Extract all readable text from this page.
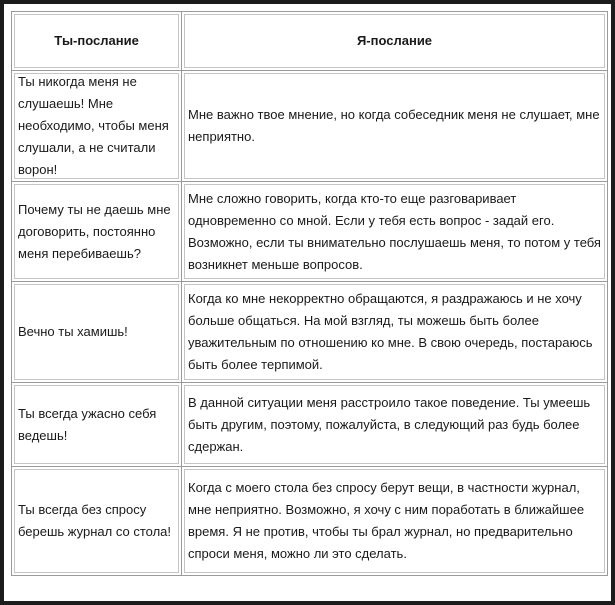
Ты-послание	Я-послание
Ты никогда меня не слушаешь! Мне необходимо, чтобы меня слушали, а не считали ворон!	Мне важно твое мнение, но когда собеседник меня не слушает, мне неприятно.
Почему ты не даешь мне договорить, постоянно меня перебиваешь?	Мне сложно говорить, когда кто-то еще разговаривает одновременно со мной. Если у тебя есть вопрос - задай его. Возможно, если ты внимательно послушаешь меня, то потом у тебя возникнет меньше вопросов.
Вечно ты хамишь!	Когда ко мне некорректно обращаются, я раздражаюсь и не хочу больше общаться. На мой взгляд, ты можешь быть более уважительным по отношению ко мне. В свою очередь, постараюсь быть более терпимой.
Ты всегда ужасно себя ведешь!	В данной ситуации меня расстроило такое поведение. Ты умеешь быть другим, поэтому, пожалуйста, в следующий раз будь более сдержан.
Ты всегда без спросу берешь журнал со стола!	Когда с моего стола без спросу берут вещи, в частности журнал, мне неприятно. Возможно, я хочу с ним поработать в ближайшее время. Я не против, чтобы ты брал журнал, но предварительно спроси меня, можно ли это сделать.
